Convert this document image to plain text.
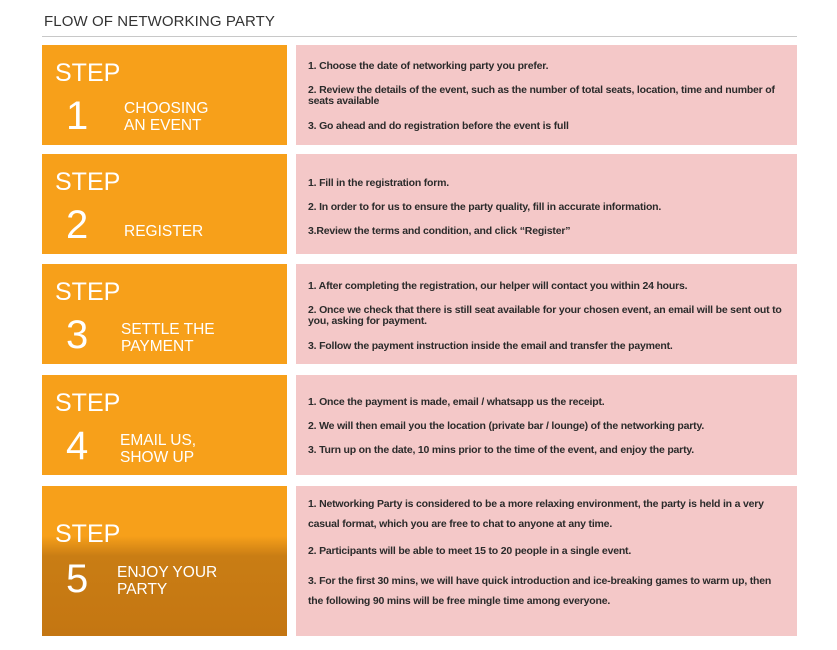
FLOW OF NETWORKING PARTY
STEP
1 CHOOSING
AN EVENT
1. Choose the date of networking party you prefer.
2. Review the details of the event, such as the number of total seats, location, time and number of seats available
3. Go ahead and do registration before the event is full
STEP
2 REGISTER
1. Fill in the registration form.
2. In order to for us to ensure the party quality, fill in accurate information.
3.Review the terms and condition, and click “Register”
STEP
3 SETTLE THE
PAYMENT
1. After completing the registration, our helper will contact you within 24 hours.
2. Once we check that there is still seat available for your chosen event, an email will be sent out to you, asking for payment.
3. Follow the payment instruction inside the email and transfer the payment.
STEP
4 EMAIL US,
SHOW UP
1. Once the payment is made, email / whatsapp us the receipt.
2. We will then email you the location (private bar / lounge) of the networking party.
3. Turn up on the date, 10 mins prior to the time of the event, and enjoy the party.
STEP
5 ENJOY YOUR
PARTY
1. Networking Party is considered to be a more relaxing environment, the party is held in a very casual format, which you are free to chat to anyone at any time.
2. Participants will be able to meet 15 to 20 people in a single event.
3. For the first 30 mins, we will have quick introduction and ice-breaking games to warm up, then the following 90 mins will be free mingle time among everyone.
